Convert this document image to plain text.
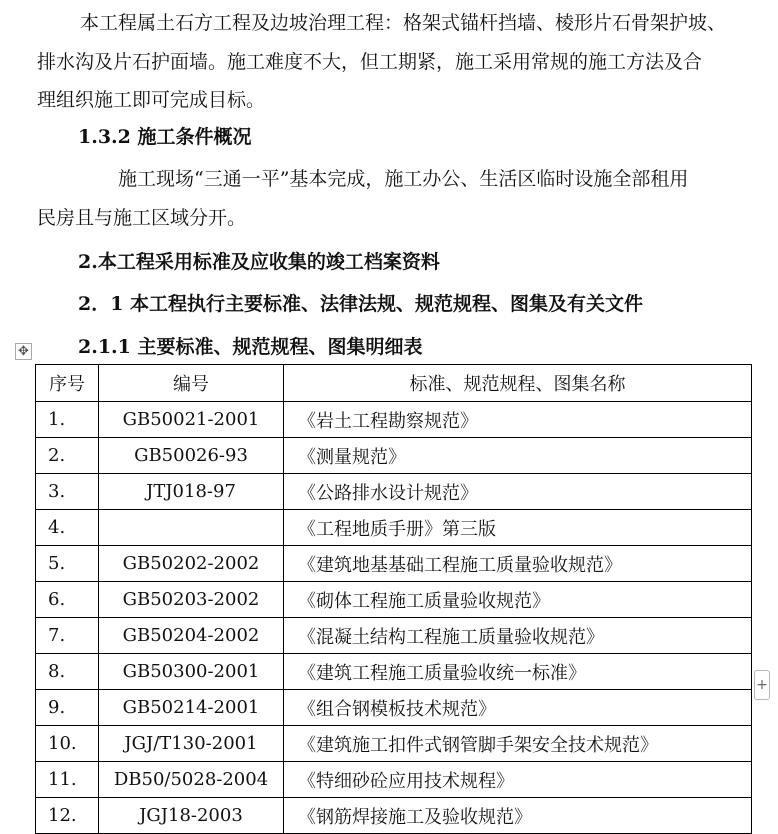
本工程属土石方工程及边坡治理工程：格架式锚杆挡墙、棱形片石骨架护坡、
排水沟及片石护面墙。施工难度不大，但工期紧，施工采用常规的施工方法及合
理组织施工即可完成目标。
1.3.2 施工条件概况
施工现场“三通一平”基本完成，施工办公、生活区临时设施全部租用
民房且与施工区域分开。
2.本工程采用标准及应收集的竣工档案资料
2．1 本工程执行主要标准、法律法规、规范规程、图集及有关文件
2.1.1 主要标准、规范规程、图集明细表
✥
序号	编号	标准、规范规程、图集名称
1.	GB50021-2001	《岩土工程勘察规范》
2.	GB50026-93	《测量规范》
3.	JTJ018-97	《公路排水设计规范》
4.		《工程地质手册》第三版
5.	GB50202-2002	《建筑地基基础工程施工质量验收规范》
6.	GB50203-2002	《砌体工程施工质量验收规范》
7.	GB50204-2002	《混凝土结构工程施工质量验收规范》
8.	GB50300-2001	《建筑工程施工质量验收统一标准》
9.	GB50214-2001	《组合钢模板技术规范》
10.	JGJ/T130-2001	《建筑施工扣件式钢管脚手架安全技术规范》
11.	DB50/5028-2004	《特细砂砼应用技术规程》
12.	JGJ18-2003	《钢筋焊接施工及验收规范》
+
